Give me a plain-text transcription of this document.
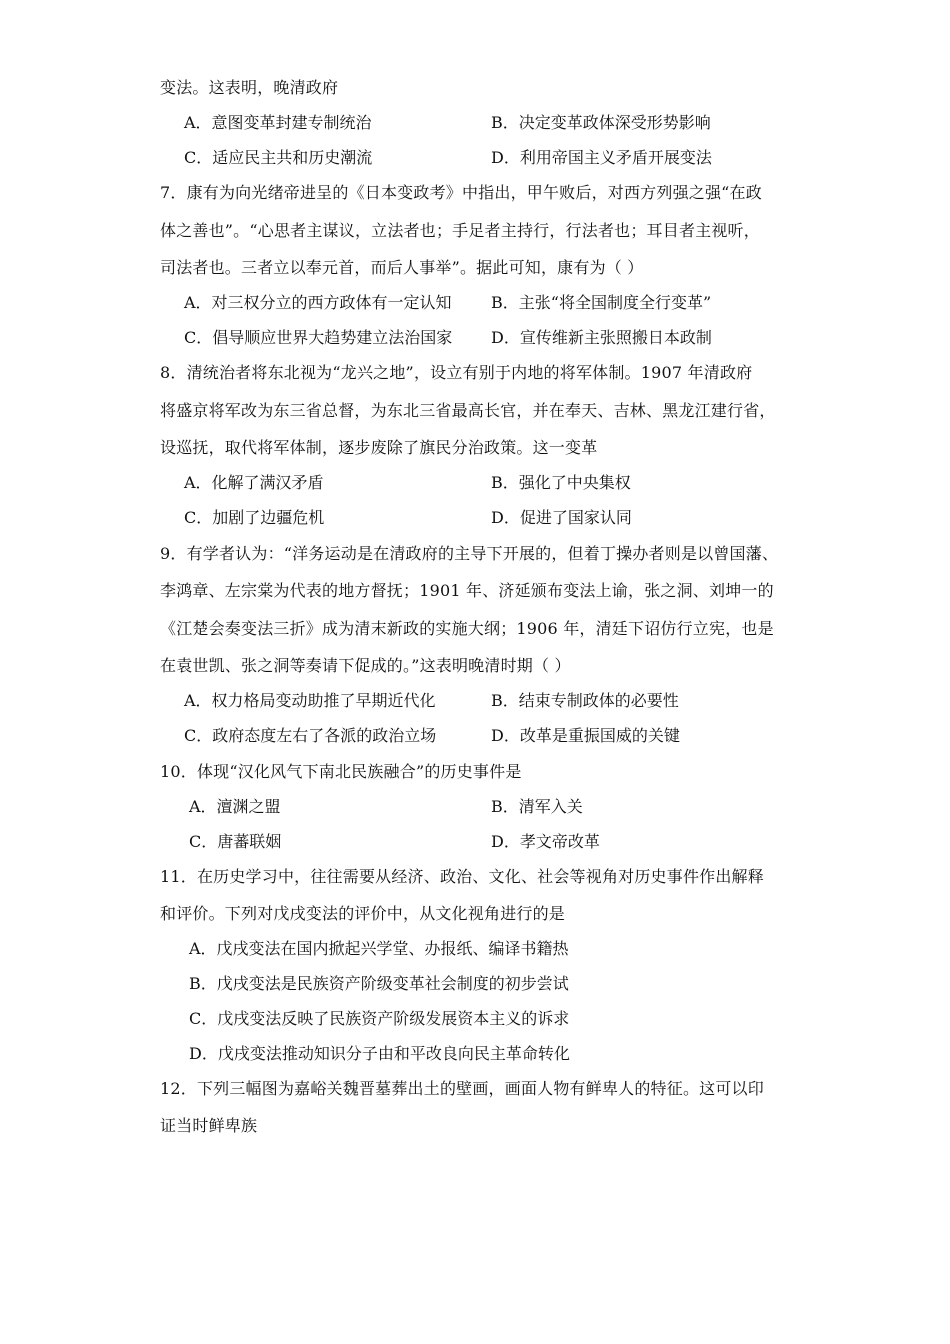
变法。这表明，晚清政府
A．意图变革封建专制统治	B．决定变革政体深受形势影响
C．适应民主共和历史潮流	D．利用帝国主义矛盾开展变法
7．康有为向光绪帝进呈的《日本变政考》中指出，甲午败后，对西方列强之强“在政
体之善也”。“心思者主谋议，立法者也；手足者主持行，行法者也；耳目者主视听，
司法者也。三者立以奉元首，而后人事举”。据此可知，康有为（ ）
A．对三权分立的西方政体有一定认知 B．主张“将全国制度全行变革”
C．倡导顺应世界大趋势建立法治国家 D．宣传维新主张照搬日本政制
8．清统治者将东北视为“龙兴之地”，设立有别于内地的将军体制。1907 年清政府
将盛京将军改为东三省总督，为东北三省最高长官，并在奉天、吉林、黑龙江建行省，
设巡抚，取代将军体制，逐步废除了旗民分治政策。这一变革
A．化解了满汉矛盾	B．强化了中央集权
C．加剧了边疆危机	D．促进了国家认同
9．有学者认为：“洋务运动是在清政府的主导下开展的，但着丁操办者则是以曾国藩、
李鸿章、左宗棠为代表的地方督抚；1901 年、济延颁布变法上谕，张之洞、刘坤一的
《江楚会奏变法三折》成为清末新政的实施大纲；1906 年，清廷下诏仿行立宪，也是
在袁世凯、张之洞等奏请下促成的。”这表明晚清时期（ ）
A．权力格局变动助推了早期近代化	B．结束专制政体的必要性
C．政府态度左右了各派的政治立场	D．改革是重振国威的关键
10．体现“汉化风气下南北民族融合”的历史事件是
A．澶渊之盟	B．清军入关
C．唐蕃联姻	D．孝文帝改革
11．在历史学习中，往往需要从经济、政治、文化、社会等视角对历史事件作出解释
和评价。下列对戊戌变法的评价中，从文化视角进行的是
A．戊戌变法在国内掀起兴学堂、办报纸、编译书籍热
B．戊戌变法是民族资产阶级变革社会制度的初步尝试
C．戊戌变法反映了民族资产阶级发展资本主义的诉求
D．戊戌变法推动知识分子由和平改良向民主革命转化
12．下列三幅图为嘉峪关魏晋墓葬出土的壁画，画面人物有鲜卑人的特征。这可以印
证当时鲜卑族
